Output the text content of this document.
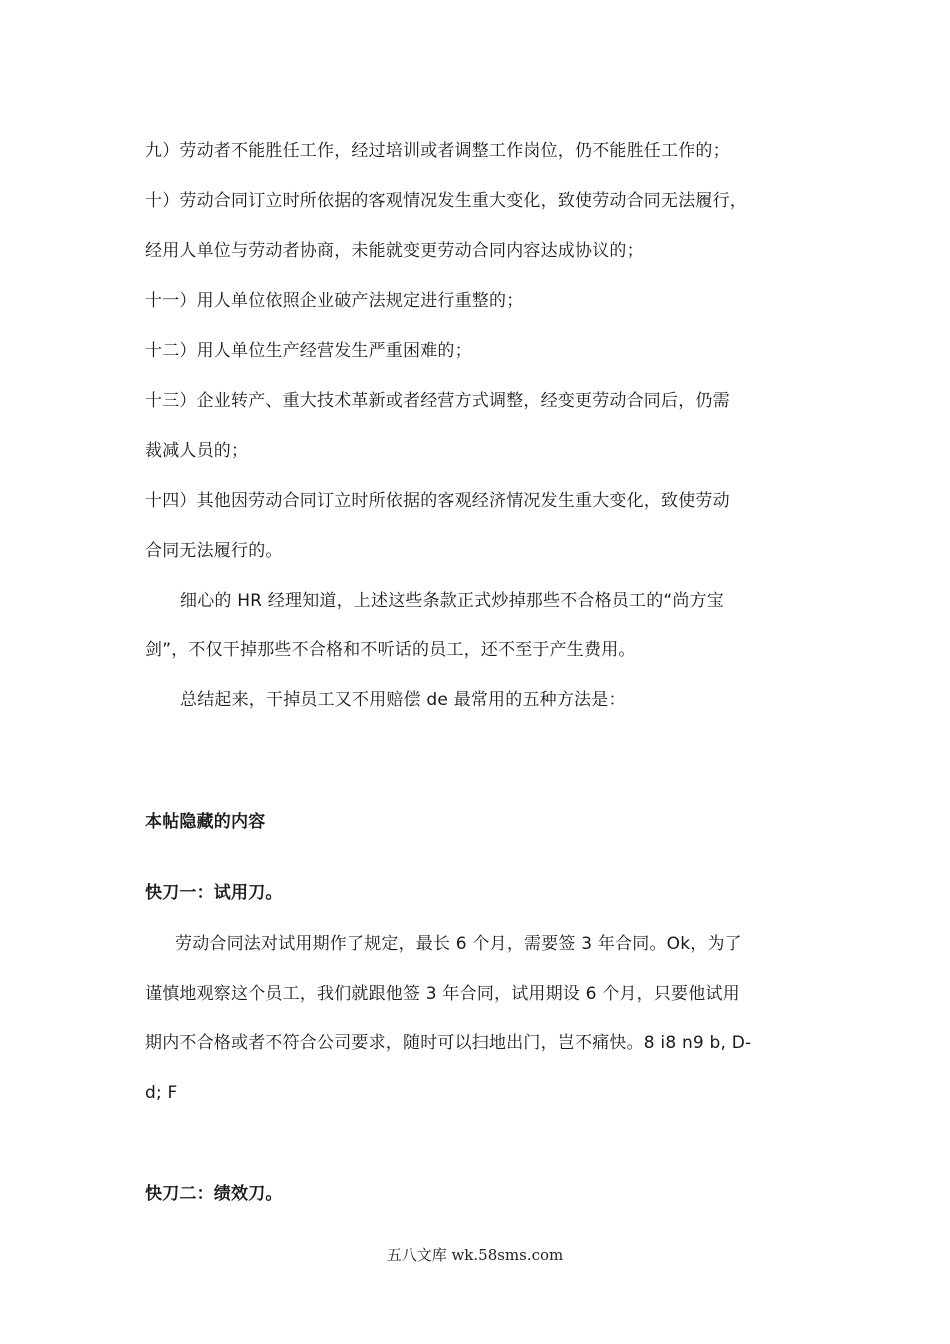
九）劳动者不能胜任工作，经过培训或者调整工作岗位，仍不能胜任工作的；
十）劳动合同订立时所依据的客观情况发生重大变化，致使劳动合同无法履行，
经用人单位与劳动者协商，未能就变更劳动合同内容达成协议的；
十一）用人单位依照企业破产法规定进行重整的；
十二）用人单位生产经营发生严重困难的；
十三）企业转产、重大技术革新或者经营方式调整，经变更劳动合同后，仍需
裁减人员的；
十四）其他因劳动合同订立时所依据的客观经济情况发生重大变化，致使劳动
合同无法履行的。
细心的 HR 经理知道，上述这些条款正式炒掉那些不合格员工的“尚方宝
剑”，不仅干掉那些不合格和不听话的员工，还不至于产生费用。
总结起来，干掉员工又不用赔偿 de 最常用的五种方法是：
本帖隐藏的内容
快刀一：试用刀。
劳动合同法对试用期作了规定，最长 6 个月，需要签 3 年合同。Ok，为了
谨慎地观察这个员工，我们就跟他签 3 年合同，试用期设 6 个月，只要他试用
期内不合格或者不符合公司要求，随时可以扫地出门，岂不痛快。8 i8 n9 b, D-
d; F
快刀二：绩效刀。
五八文库 wk.58sms.com
